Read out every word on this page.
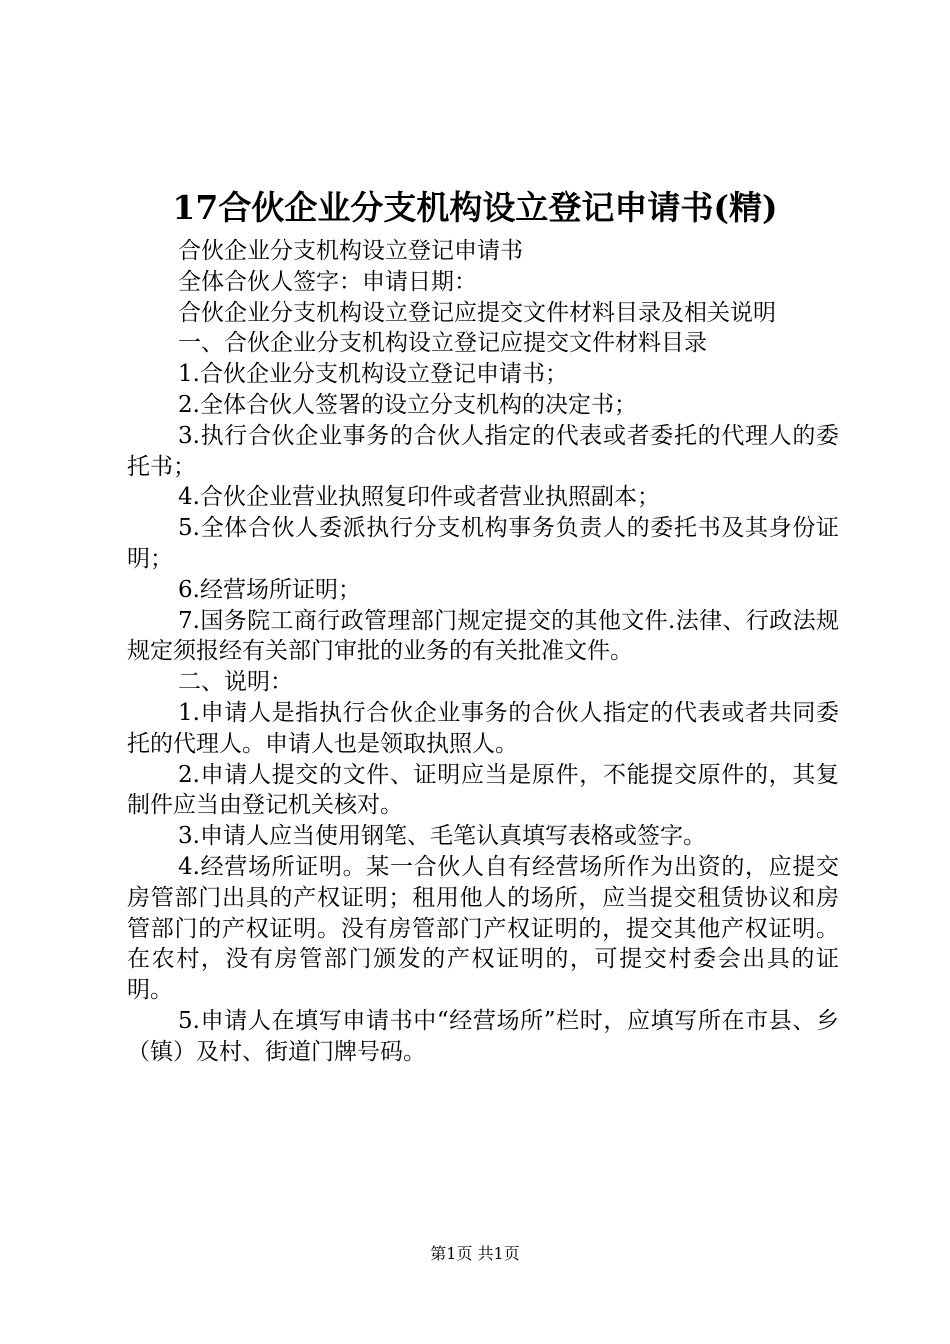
17合伙企业分支机构设立登记申请书(精)

合伙企业分支机构设立登记申请书

全体合伙人签字：申请日期：

合伙企业分支机构设立登记应提交文件材料目录及相关说明

一、合伙企业分支机构设立登记应提交文件材料目录

1.合伙企业分支机构设立登记申请书；

2.全体合伙人签署的设立分支机构的决定书；

3.执行合伙企业事务的合伙人指定的代表或者委托的代理人的委托书；

4.合伙企业营业执照复印件或者营业执照副本；

5.全体合伙人委派执行分支机构事务负责人的委托书及其身份证明；

6.经营场所证明；

7.国务院工商行政管理部门规定提交的其他文件.法律、行政法规规定须报经有关部门审批的业务的有关批准文件。

二、说明：

1.申请人是指执行合伙企业事务的合伙人指定的代表或者共同委托的代理人。申请人也是领取执照人。

2.申请人提交的文件、证明应当是原件，不能提交原件的，其复制件应当由登记机关核对。

3.申请人应当使用钢笔、毛笔认真填写表格或签字。

4.经营场所证明。某一合伙人自有经营场所作为出资的，应提交房管部门出具的产权证明；租用他人的场所，应当提交租赁协议和房管部门的产权证明。没有房管部门产权证明的，提交其他产权证明。在农村，没有房管部门颁发的产权证明的，可提交村委会出具的证明。

5.申请人在填写申请书中“经营场所”栏时，应填写所在市县、乡（镇）及村、街道门牌号码。

第1页 共1页
